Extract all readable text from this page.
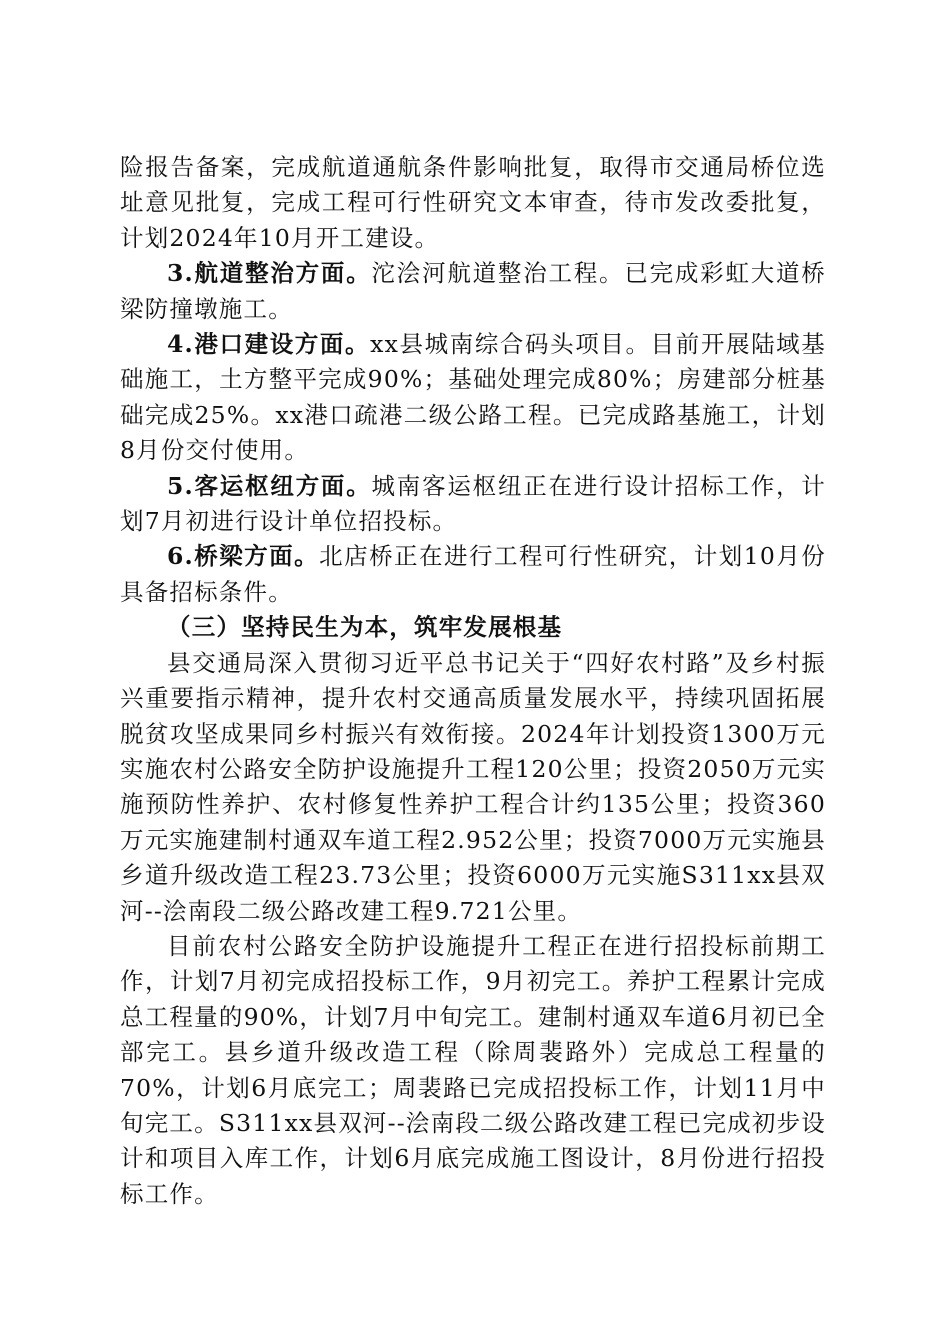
险报告备案，完成航道通航条件影响批复，取得市交通局桥位选址意见批复，完成工程可行性研究文本审查，待市发改委批复，计划2024年10月开工建设。

3.航道整治方面。沱浍河航道整治工程。已完成彩虹大道桥梁防撞墩施工。

4.港口建设方面。xx县城南综合码头项目。目前开展陆域基础施工，土方整平完成90%；基础处理完成80%；房建部分桩基础完成25%。xx港口疏港二级公路工程。已完成路基施工，计划8月份交付使用。

5.客运枢纽方面。城南客运枢纽正在进行设计招标工作，计划7月初进行设计单位招投标。

6.桥梁方面。北店桥正在进行工程可行性研究，计划10月份具备招标条件。

（三）坚持民生为本，筑牢发展根基

县交通局深入贯彻习近平总书记关于“四好农村路”及乡村振兴重要指示精神，提升农村交通高质量发展水平，持续巩固拓展脱贫攻坚成果同乡村振兴有效衔接。2024年计划投资1300万元实施农村公路安全防护设施提升工程120公里；投资2050万元实施预防性养护、农村修复性养护工程合计约135公里；投资360万元实施建制村通双车道工程2.952公里；投资7000万元实施县乡道升级改造工程23.73公里；投资6000万元实施S311xx县双河--浍南段二级公路改建工程9.721公里。

目前农村公路安全防护设施提升工程正在进行招投标前期工作，计划7月初完成招投标工作，9月初完工。养护工程累计完成总工程量的90%，计划7月中旬完工。建制村通双车道6月初已全部完工。县乡道升级改造工程（除周裴路外）完成总工程量的70%，计划6月底完工；周裴路已完成招投标工作，计划11月中旬完工。S311xx县双河--浍南段二级公路改建工程已完成初步设计和项目入库工作，计划6月底完成施工图设计，8月份进行招投标工作。
